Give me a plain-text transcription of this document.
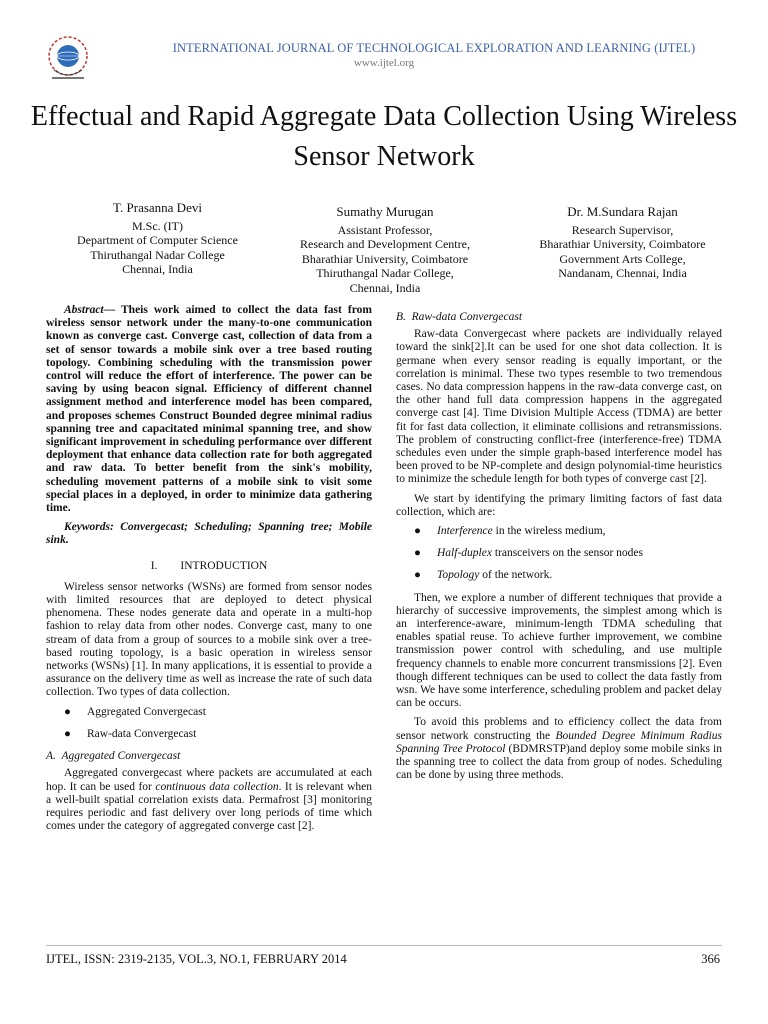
INTERNATIONAL JOURNAL OF TECHNOLOGICAL EXPLORATION AND LEARNING (IJTEL)
www.ijtel.org
Effectual and Rapid Aggregate Data Collection Using Wireless Sensor Network
T. Prasanna Devi
M.Sc. (IT)
Department of Computer Science
Thiruthangal Nadar College
Chennai, India
Sumathy Murugan
Assistant Professor,
Research and Development Centre,
Bharathiar University, Coimbatore
Thiruthangal Nadar College,
Chennai, India
Dr. M.Sundara Rajan
Research Supervisor,
Bharathiar University, Coimbatore
Government Arts College,
Nandanam, Chennai, India

Abstract— Theis work aimed to collect the data fast from wireless sensor network under the many-to-one communication known as converge cast. Converge cast, collection of data from a set of sensor towards a mobile sink over a tree based routing topology. Combining scheduling with the transmission power control will reduce the effort of interference. The power can be saving by using beacon signal. Efficiency of different channel assignment method and interference model has been compared, and proposes schemes Construct Bounded degree minimal radius spanning tree and capacitated minimal spanning tree, and show significant improvement in scheduling performance over different deployment that enhance data collection rate for both aggregated and raw data. To better benefit from the sink's mobility, scheduling movement patterns of a mobile sink to visit some special places in a deployed, in order to minimize data gathering time.

Keywords: Convergecast; Scheduling; Spanning tree; Mobile sink.

I.        INTRODUCTION

Wireless sensor networks (WSNs) are formed from sensor nodes with limited resources that are deployed to detect physical phenomena. These nodes generate data and operate in a multi-hop fashion to relay data from other nodes. Converge cast, many to one stream of data from a group of sources to a mobile sink over a tree-based routing topology, is a basic operation in wireless sensor networks (WSNs) [1]. In many applications, it is essential to provide a assurance on the delivery time as well as increase the rate of such data collection. Two types of data collection.

● Aggregated Convergecast
● Raw-data Convergecast

A.  Aggregated Convergecast

Aggregated convergecast where packets are accumulated at each hop. It can be used for continuous data collection. It is relevant when a well-built spatial correlation exists data. Permafrost [3] monitoring requires periodic and fast delivery over long periods of time which comes under the category of aggregated converge cast [2].

B.  Raw-data Convergecast

Raw-data Convergecast where packets are individually relayed toward the sink[2].It can be used for one shot data collection. It is germane when every sensor reading is equally important, or the correlation is minimal. These two types resemble to two tremendous cases. No data compression happens in the raw-data converge cast, on the other hand full data compression happens in the aggregated converge cast [4]. Time Division Multiple Access (TDMA) are better fit for fast data collection, it eliminate collisions and retransmissions. The problem of constructing conflict-free (interference-free) TDMA schedules even under the simple graph-based interference model has been proved to be NP-complete and design polynomial-time heuristics to minimize the schedule length for both types of converge cast [2].

We start by identifying the primary limiting factors of fast data collection, which are:

● Interference in the wireless medium,
● Half-duplex transceivers on the sensor nodes
● Topology of the network.

Then, we explore a number of different techniques that provide a hierarchy of successive improvements, the simplest among which is an interference-aware, minimum-length TDMA scheduling that enables spatial reuse. To achieve further improvement, we combine transmission power control with scheduling, and use multiple frequency channels to enable more concurrent transmissions [2]. Even though different techniques can be used to collect the data fastly from wsn. We have some interference, scheduling problem and packet delay can be occurs.

To avoid this problems and to efficiency collect the data from sensor network constructing the Bounded Degree Minimum Radius Spanning Tree Protocol (BDMRSTP)and deploy some mobile sinks in the spanning tree to collect the data from group of nodes. Scheduling can be done by using three methods.

IJTEL, ISSN: 2319-2135, VOL.3, NO.1, FEBRUARY 2014	366
